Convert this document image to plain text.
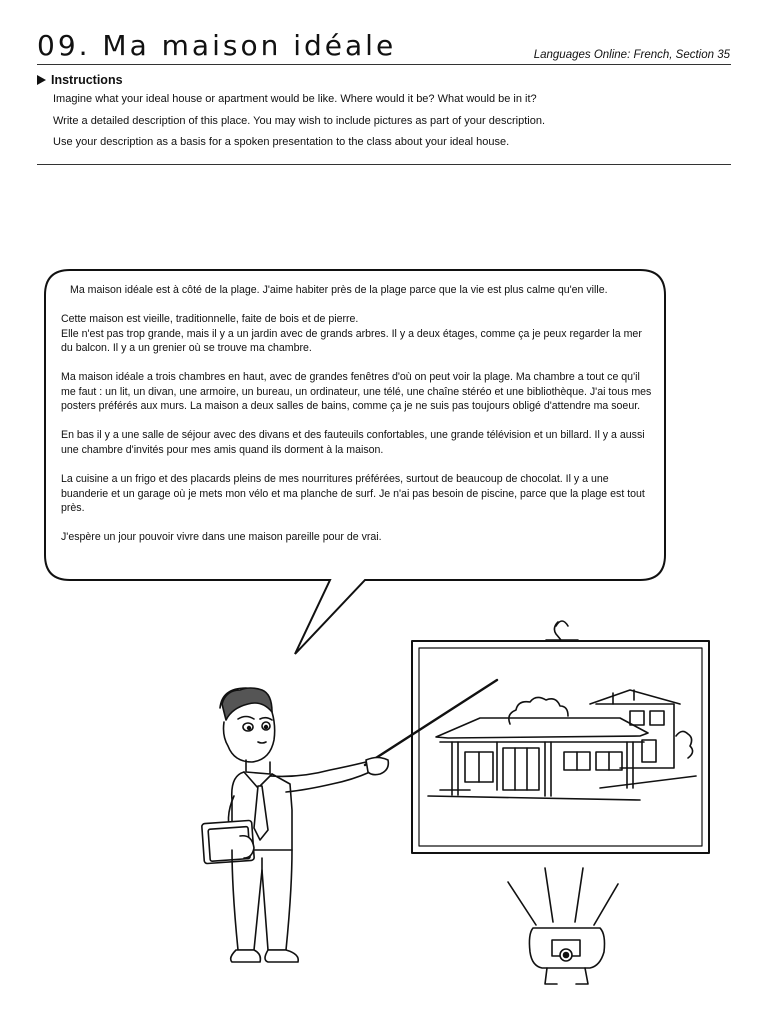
09. Ma maison idéale	Languages Online: French, Section 35
Instructions
Imagine what your ideal house or apartment would be like. Where would it be? What would be in it?
Write a detailed description of this place. You may wish to include pictures as part of your description.
Use your description as a basis for a spoken presentation to the class about your ideal house.

Ma maison idéale est à côté de la plage. J'aime habiter près de la plage parce que la vie est plus calme qu'en ville.

Cette maison est vieille, traditionnelle, faite de bois et de pierre.
Elle n'est pas trop grande, mais il y a un jardin avec de grands arbres. Il y a deux étages, comme ça je peux regarder la mer du balcon. Il y a un grenier où se trouve ma chambre.

Ma maison idéale a trois chambres en haut, avec de grandes fenêtres d'où on peut voir la plage. Ma chambre a tout ce qu'il me faut : un lit, un divan, une armoire, un bureau, un ordinateur, une télé, une chaîne stéréo et une bibliothèque. J'ai tous mes posters préférés aux murs. La maison a deux salles de bains, comme ça je ne suis pas toujours obligé d'attendre ma soeur.

En bas il y a une salle de séjour avec des divans et des fauteuils confortables, une grande télévision et un billard. Il y a aussi une chambre d'invités pour mes amis quand ils dorment à la maison.

La cuisine a un frigo et des placards pleins de mes nourritures préférées, surtout de beaucoup de chocolat. Il y a une buanderie et un garage où je mets mon vélo et ma planche de surf. Je n'ai pas besoin de piscine, parce que la plage est tout près.

J'espère un jour pouvoir vivre dans une maison pareille pour de vrai.
